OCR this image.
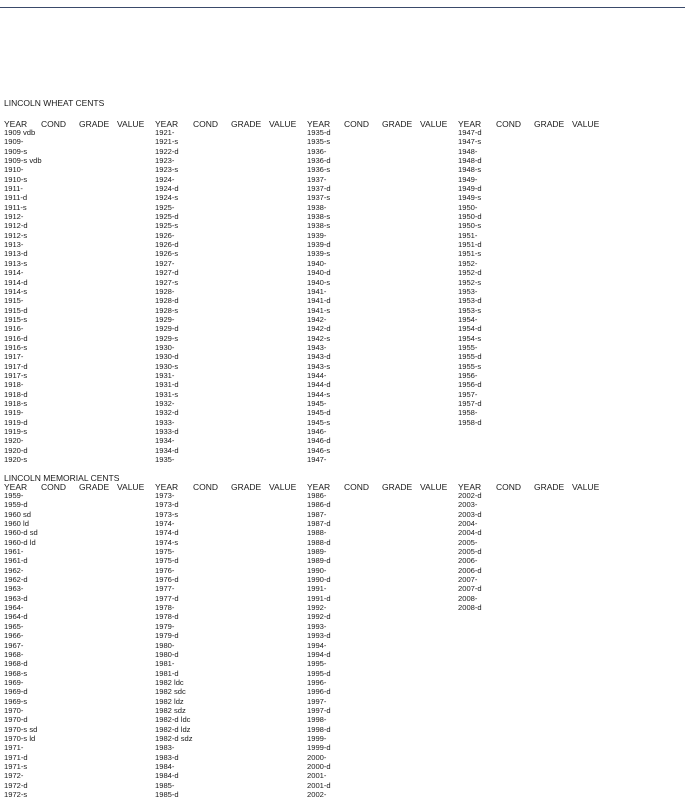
LINCOLN WHEAT CENTS
YEAR COND GRADE VALUE YEAR COND GRADE VALUE YEAR COND GRADE VALUE YEAR COND GRADE VALUE
1909 vdb
1909-
1909-s
1909-s vdb
1910-
1910-s
1911-
1911-d
1911-s
1912-
1912-d
1912-s
1913-
1913-d
1913-s
1914-
1914-d
1914-s
1915-
1915-d
1915-s
1916-
1916-d
1916-s
1917-
1917-d
1917-s
1918-
1918-d
1918-s
1919-
1919-d
1919-s
1920-
1920-d
1920-s
1921-
1921-s
1922-d
1923-
1923-s
1924-
1924-d
1924-s
1925-
1925-d
1925-s
1926-
1926-d
1926-s
1927-
1927-d
1927-s
1928-
1928-d
1928-s
1929-
1929-d
1929-s
1930-
1930-d
1930-s
1931-
1931-d
1931-s
1932-
1932-d
1933-
1933-d
1934-
1934-d
1935-
1935-d
1935-s
1936-
1936-d
1936-s
1937-
1937-d
1937-s
1938-
1938-s
1938-s
1939-
1939-d
1939-s
1940-
1940-d
1940-s
1941-
1941-d
1941-s
1942-
1942-d
1942-s
1943-
1943-d
1943-s
1944-
1944-d
1944-s
1945-
1945-d
1945-s
1946-
1946-d
1946-s
1947-
1947-d
1947-s
1948-
1948-d
1948-s
1949-
1949-d
1949-s
1950-
1950-d
1950-s
1951-
1951-d
1951-s
1952-
1952-d
1952-s
1953-
1953-d
1953-s
1954-
1954-d
1954-s
1955-
1955-d
1955-s
1956-
1956-d
1957-
1957-d
1958-
1958-d
LINCOLN MEMORIAL CENTS
YEAR COND GRADE VALUE YEAR COND GRADE VALUE YEAR COND GRADE VALUE YEAR COND GRADE VALUE
1959-
1959-d
1960 sd
1960 ld
1960-d sd
1960-d ld
1961-
1961-d
1962-
1962-d
1963-
1963-d
1964-
1964-d
1965-
1966-
1967-
1968-
1968-d
1968-s
1969-
1969-d
1969-s
1970-
1970-d
1970-s sd
1970-s ld
1971-
1971-d
1971-s
1972-
1972-d
1972-s
1973-
1973-d
1973-s
1974-
1974-d
1974-s
1975-
1975-d
1976-
1976-d
1977-
1977-d
1978-
1978-d
1979-
1979-d
1980-
1980-d
1981-
1981-d
1982 ldc
1982 sdc
1982 ldz
1982 sdz
1982-d ldc
1982-d ldz
1982-d sdz
1983-
1983-d
1984-
1984-d
1985-
1985-d
1986-
1986-d
1987-
1987-d
1988-
1988-d
1989-
1989-d
1990-
1990-d
1991-
1991-d
1992-
1992-d
1993-
1993-d
1994-
1994-d
1995-
1995-d
1996-
1996-d
1997-
1997-d
1998-
1998-d
1999-
1999-d
2000-
2000-d
2001-
2001-d
2002-
2002-d
2003-
2003-d
2004-
2004-d
2005-
2005-d
2006-
2006-d
2007-
2007-d
2008-
2008-d
